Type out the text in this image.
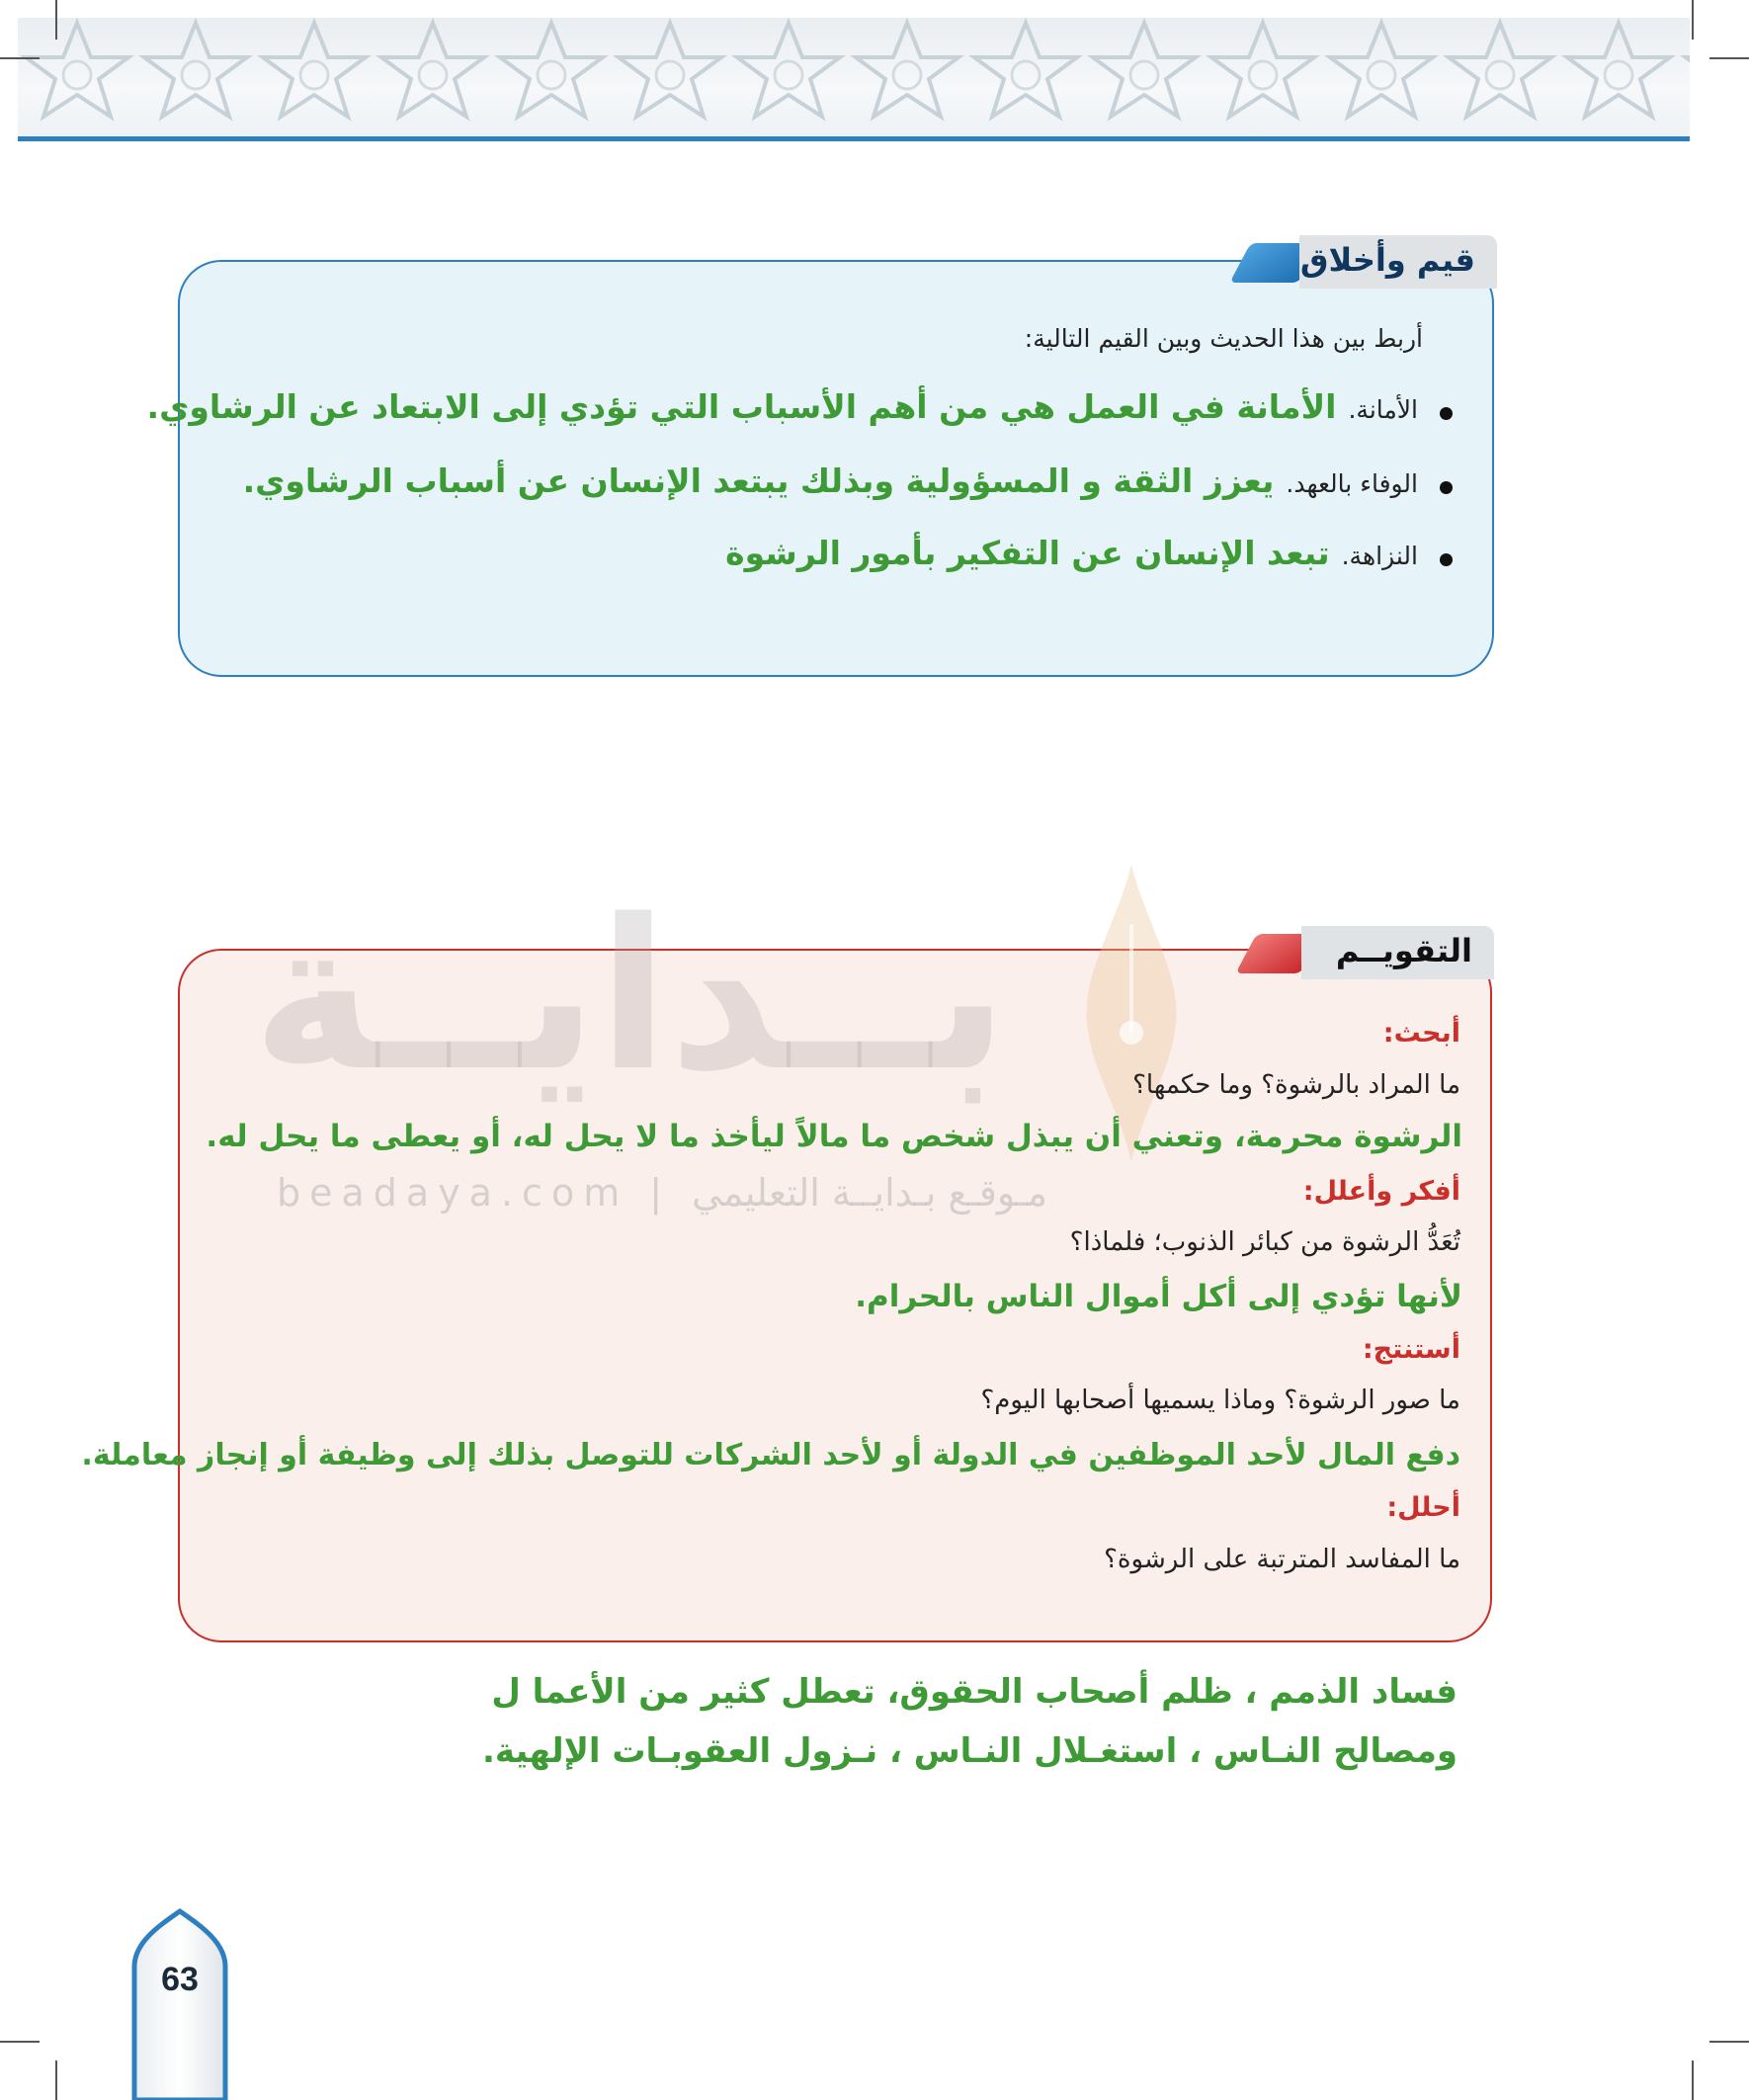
قيم وأخلاق
أربط بين هذا الحديث وبين القيم التالية:
الأمانة.الأمانة في العمل هي من أهم الأسباب التي تؤدي إلى الابتعاد عن الرشاوي.
الوفاء بالعهد.يعزز الثقة و المسؤولية وبذلك يبتعد الإنسان عن أسباب الرشاوي.
النزاهة.تبعد الإنسان عن التفكير بأمور الرشوة
بــدايــة
beadaya.com | مـوقـع بـدايــة التعليمي
التقويــم
أبحث:
ما المراد بالرشوة؟ وما حكمها؟
الرشوة محرمة، وتعني أن يبذل شخص ما مالاً ليأخذ ما لا يحل له، أو يعطى ما يحل له.
أفكر وأعلل:
تُعَدُّ الرشوة من كبائر الذنوب؛ فلماذا؟
لأنها تؤدي إلى أكل أموال الناس بالحرام.
أستنتج:
ما صور الرشوة؟ وماذا يسميها أصحابها اليوم؟
دفع المال لأحد الموظفين في الدولة أو لأحد الشركات للتوصل بذلك إلى وظيفة أو إنجاز معاملة.
أحلل:
ما المفاسد المترتبة على الرشوة؟
فساد الذمم ، ظلم أصحاب الحقوق، تعطل كثير من الأعما ل
ومصالح النـاس ، استغـلال النـاس ، نـزول العقوبـات الإلهية.
63
